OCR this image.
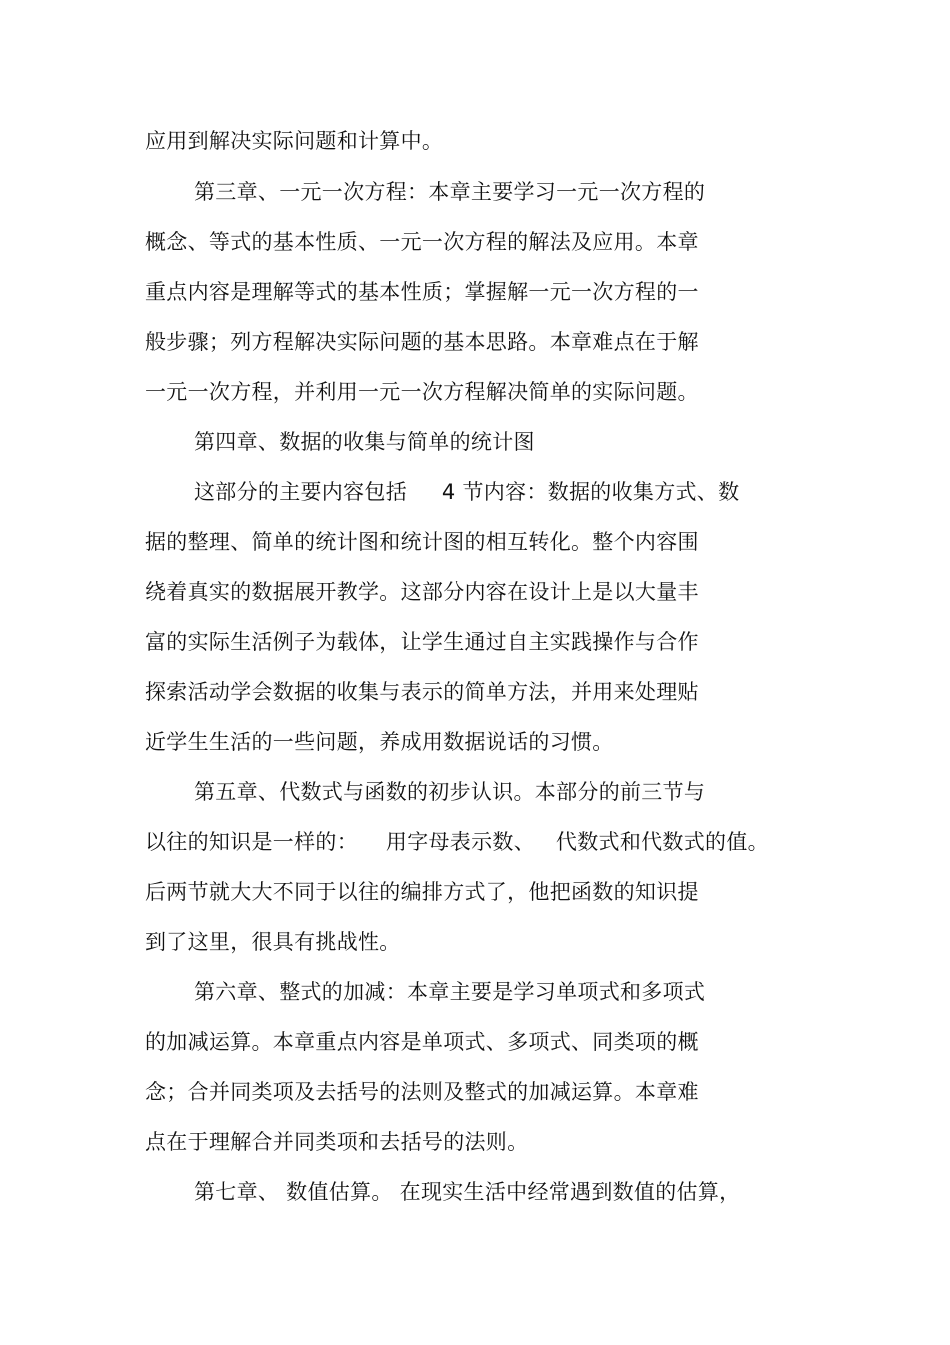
应用到解决实际问题和计算中。
第三章、一元一次方程：本章主要学习一元一次方程的
概念、等式的基本性质、一元一次方程的解法及应用。本章
重点内容是理解等式的基本性质；掌握解一元一次方程的一
般步骤；列方程解决实际问题的基本思路。本章难点在于解
一元一次方程，并利用一元一次方程解决简单的实际问题。
第四章、数据的收集与简单的统计图
这部分的主要内容包括     4 节内容：数据的收集方式、数
据的整理、简单的统计图和统计图的相互转化。整个内容围
绕着真实的数据展开教学。这部分内容在设计上是以大量丰
富的实际生活例子为载体，让学生通过自主实践操作与合作
探索活动学会数据的收集与表示的简单方法，并用来处理贴
近学生生活的一些问题，养成用数据说话的习惯。
第五章、代数式与函数的初步认识。本部分的前三节与
以往的知识是一样的：    用字母表示数、   代数式和代数式的值。
后两节就大大不同于以往的编排方式了，他把函数的知识提
到了这里，很具有挑战性。
第六章、整式的加减：本章主要是学习单项式和多项式
的加减运算。本章重点内容是单项式、多项式、同类项的概
念；合并同类项及去括号的法则及整式的加减运算。本章难
点在于理解合并同类项和去括号的法则。
第七章、 数值估算。 在现实生活中经常遇到数值的估算，
